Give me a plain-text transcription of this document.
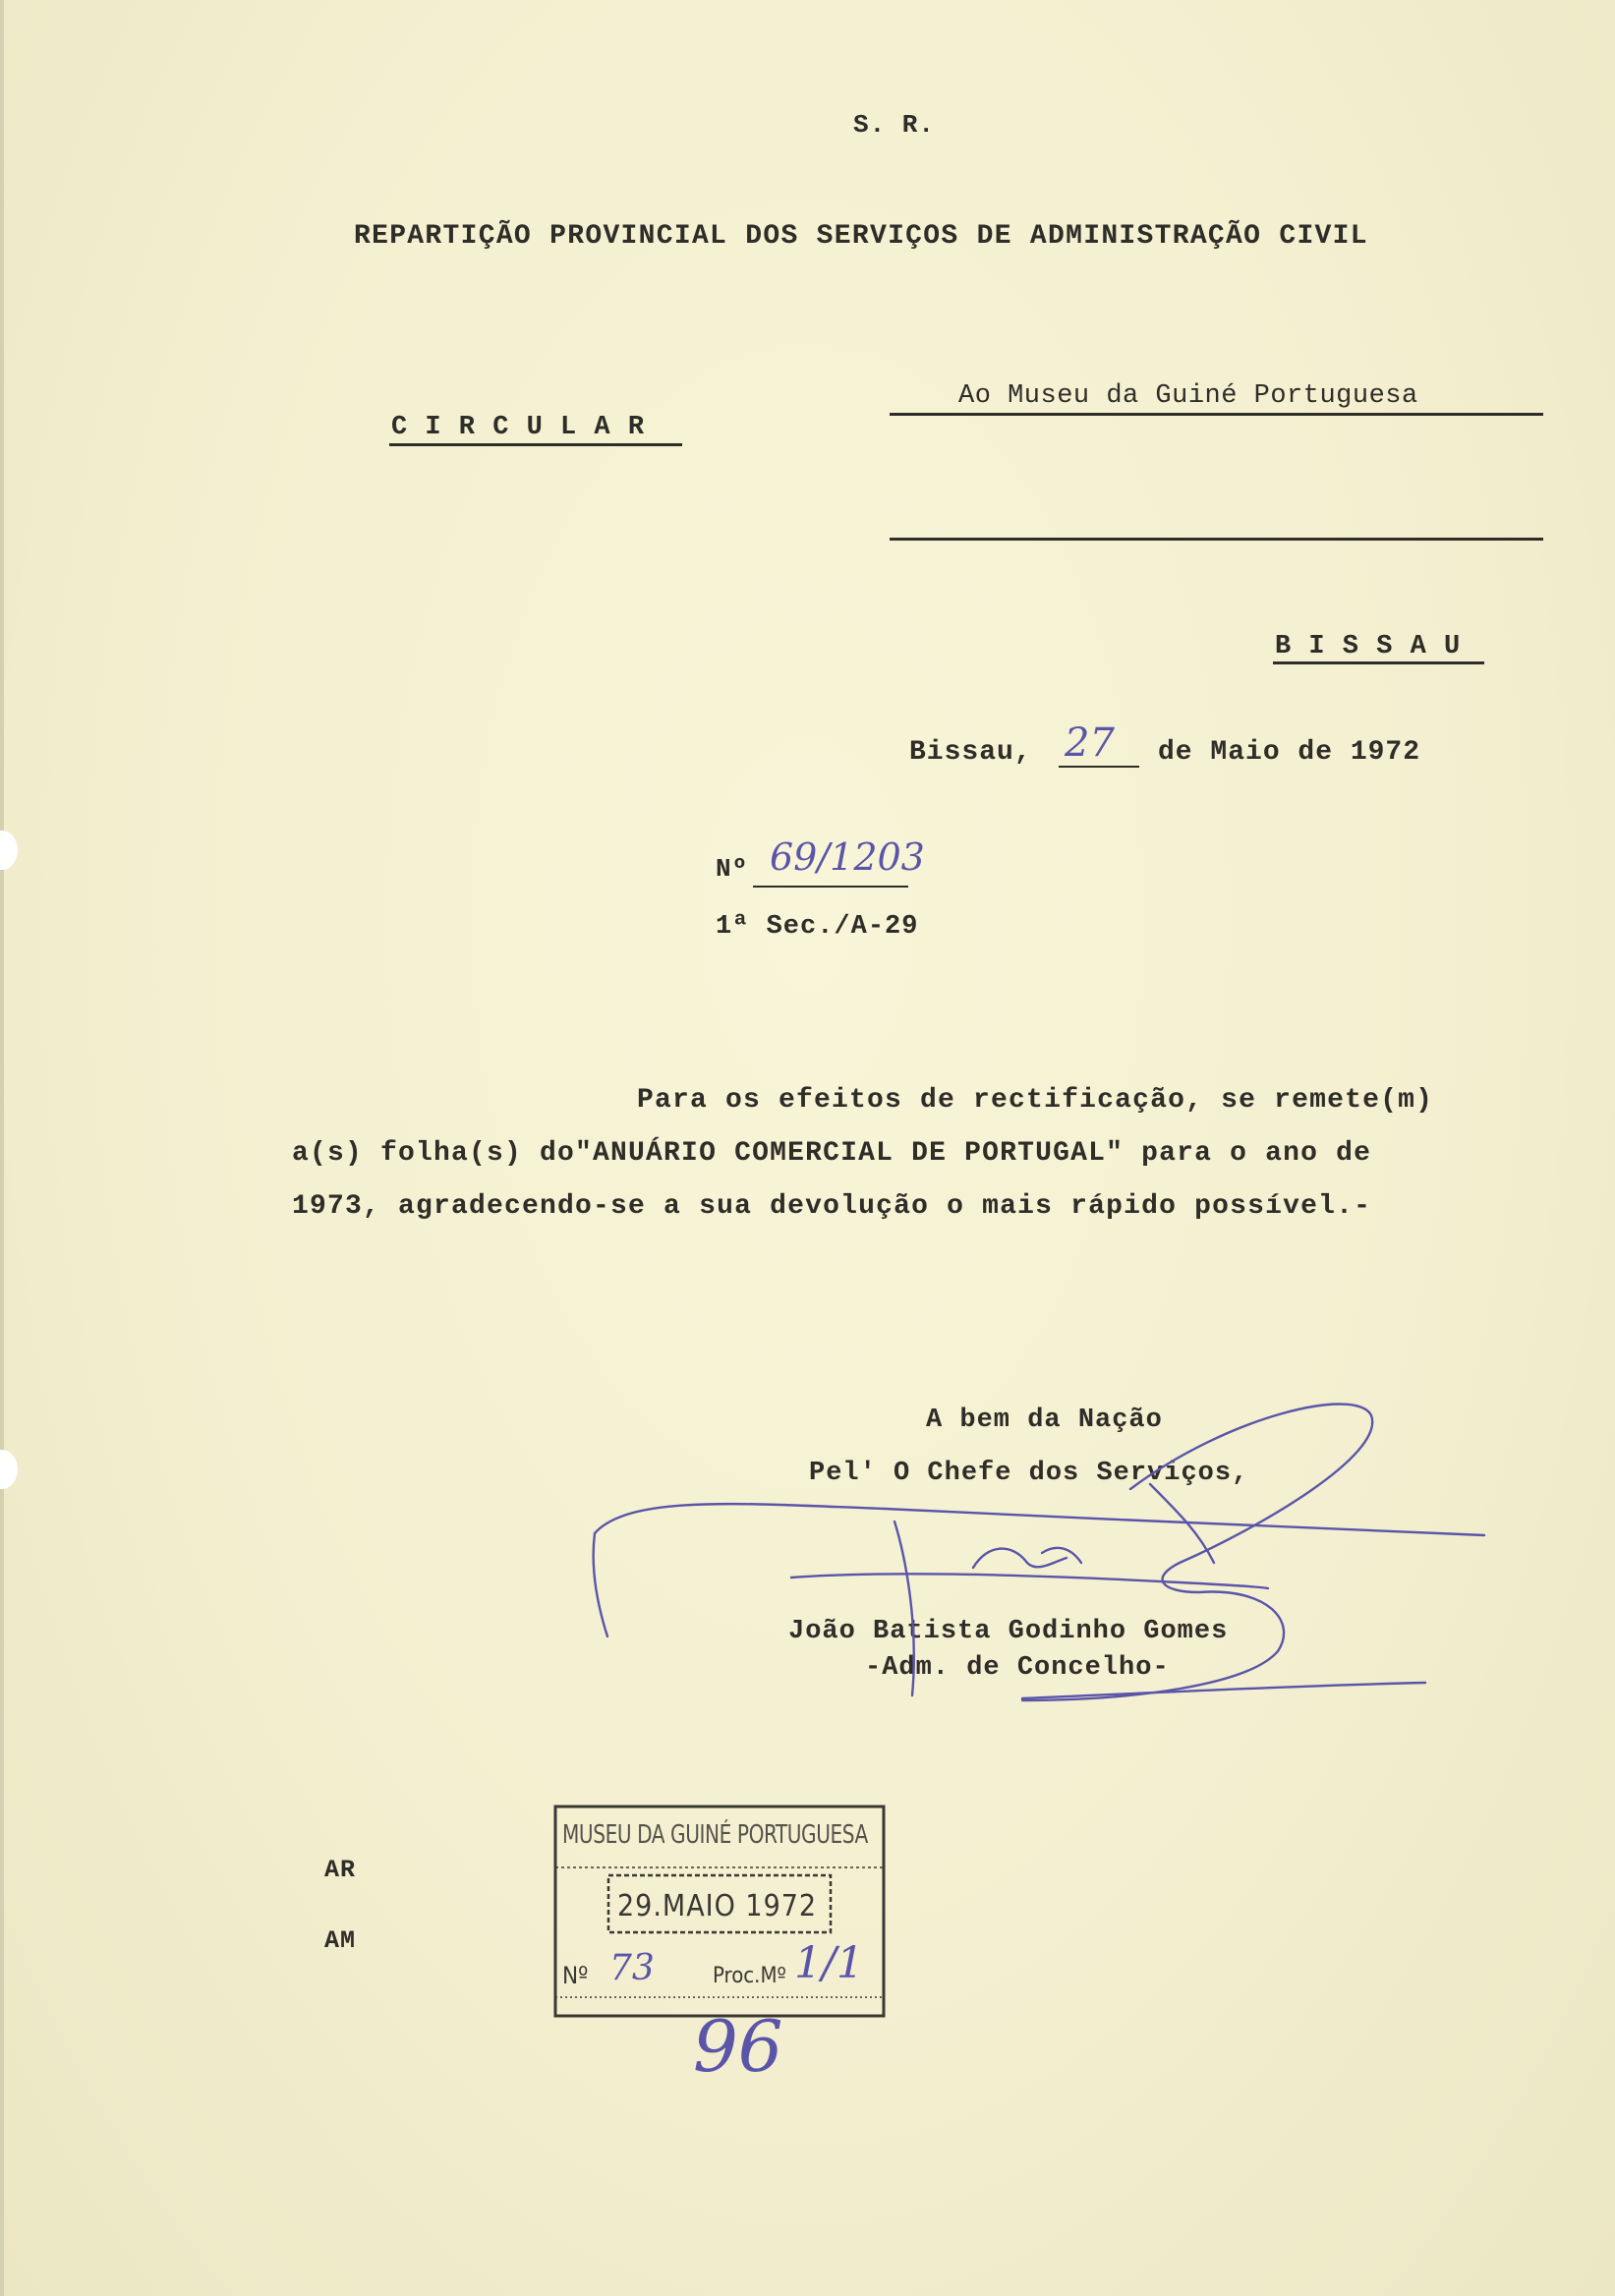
S. R.
REPARTIÇÃO PROVINCIAL DOS SERVIÇOS DE ADMINISTRAÇÃO CIVIL
C I R C U L A R
Ao Museu da Guiné Portuguesa
B I S S A U
Bissau, 27 de Maio de 1972
Nº 69/1203
1ª Sec./A-29
Para os efeitos de rectificação, se remete(m)
a(s) folha(s) do"ANUÁRIO COMERCIAL DE PORTUGAL" para o ano de
1973, agradecendo-se a sua devolução o mais rápido possível.-
A bem da Nação
Pel' O Chefe dos Serviços,
João Batista Godinho Gomes
-Adm. de Concelho-
AR
AM
MUSEU DA GUINÉ PORTUGUESA
29.MAIO 1972
Nº 73	Proc.Mº 1/1
96
